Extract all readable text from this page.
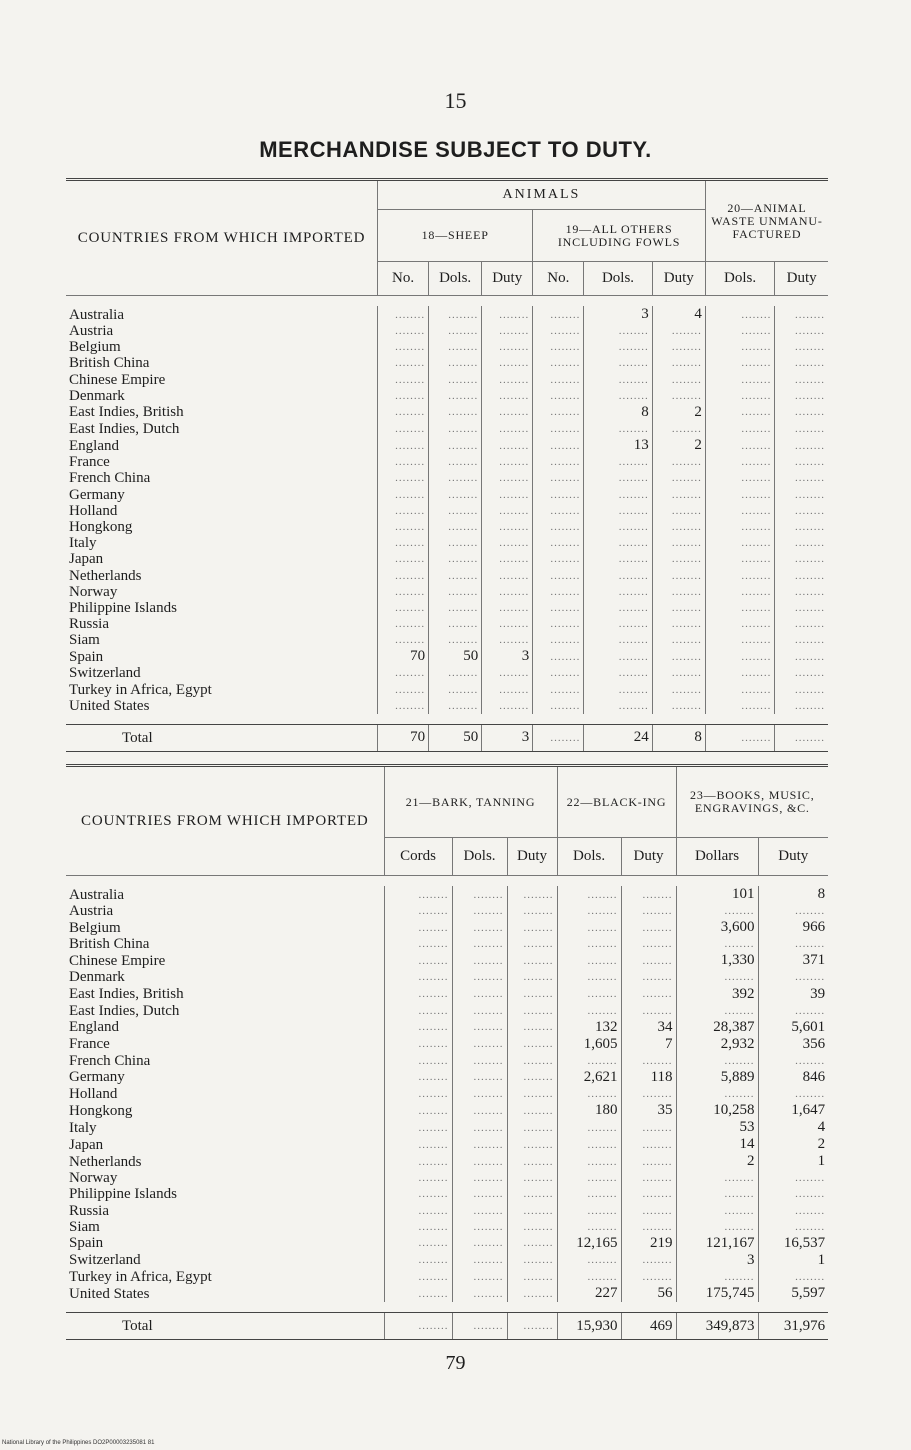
15
MERCHANDISE SUBJECT TO DUTY.
COUNTRIES FROM WHICH IMPORTED	ANIMALS						20—ANIMAL WASTE UNMANU-FACTURED	
	18—SHEEP			19—ALL OTHERS INCLUDING FOWLS				
	No.	Dols.	Duty	No.	Dols.	Duty	Dols.	Duty

Australia	........	........	........	........	3	4	........	........
Austria	........	........	........	........	........	........	........	........
Belgium	........	........	........	........	........	........	........	........
British China	........	........	........	........	........	........	........	........
Chinese Empire	........	........	........	........	........	........	........	........
Denmark	........	........	........	........	........	........	........	........
East Indies, British	........	........	........	........	8	2	........	........
East Indies, Dutch	........	........	........	........	........	........	........	........
England	........	........	........	........	13	2	........	........
France	........	........	........	........	........	........	........	........
French China	........	........	........	........	........	........	........	........
Germany	........	........	........	........	........	........	........	........
Holland	........	........	........	........	........	........	........	........
Hongkong	........	........	........	........	........	........	........	........
Italy	........	........	........	........	........	........	........	........
Japan	........	........	........	........	........	........	........	........
Netherlands	........	........	........	........	........	........	........	........
Norway	........	........	........	........	........	........	........	........
Philippine Islands	........	........	........	........	........	........	........	........
Russia	........	........	........	........	........	........	........	........
Siam	........	........	........	........	........	........	........	........
Spain	70	50	3	........	........	........	........	........
Switzerland	........	........	........	........	........	........	........	........
Turkey in Africa, Egypt	........	........	........	........	........	........	........	........
United States	........	........	........	........	........	........	........	........

Total	70	50	3	........	24	8	........	........
COUNTRIES FROM WHICH IMPORTED	21—BARK, TANNING			22—BLACK-ING		23—BOOKS, MUSIC, ENGRAVINGS, &C.	
	Cords	Dols.	Duty	Dols.	Duty	Dollars	Duty

Australia	........	........	........	........	........	101	8
Austria	........	........	........	........	........	........	........
Belgium	........	........	........	........	........	3,600	966
British China	........	........	........	........	........	........	........
Chinese Empire	........	........	........	........	........	1,330	371
Denmark	........	........	........	........	........	........	........
East Indies, British	........	........	........	........	........	392	39
East Indies, Dutch	........	........	........	........	........	........	........
England	........	........	........	132	34	28,387	5,601
France	........	........	........	1,605	7	2,932	356
French China	........	........	........	........	........	........	........
Germany	........	........	........	2,621	118	5,889	846
Holland	........	........	........	........	........	........	........
Hongkong	........	........	........	180	35	10,258	1,647
Italy	........	........	........	........	........	53	4
Japan	........	........	........	........	........	14	2
Netherlands	........	........	........	........	........	2	1
Norway	........	........	........	........	........	........	........
Philippine Islands	........	........	........	........	........	........	........
Russia	........	........	........	........	........	........	........
Siam	........	........	........	........	........	........	........
Spain	........	........	........	12,165	219	121,167	16,537
Switzerland	........	........	........	........	........	3	1
Turkey in Africa, Egypt	........	........	........	........	........	........	........
United States	........	........	........	227	56	175,745	5,597

Total	........	........	........	15,930	469	349,873	31,976
79
National Library of the Philippines DO2P00003235081 81
